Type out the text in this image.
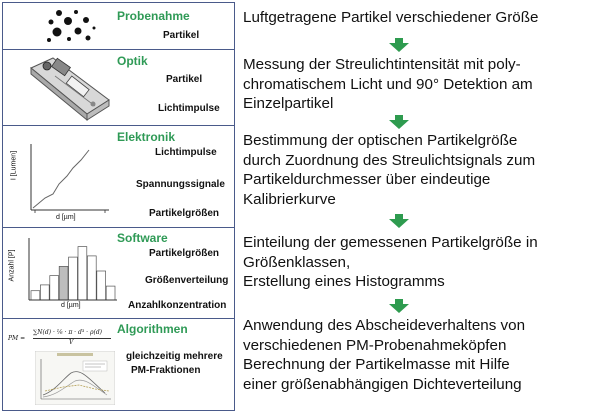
Probenahme
Partikel
Optik
Partikel
Lichtimpulse
I [Lumen]
d [µm]
Elektronik
Lichtimpulse
Spannungssignale
Partikelgrößen
Anzahl [P]
d [µm]
Software
Partikelgrößen
Größenverteilung
Anzahlkonzentration
PM =
∑N(d) · ⅙ · π · d³ · ρ(d)
V
Algorithmen
gleichzeitig mehrere
PM-Fraktionen
Luftgetragene Partikel verschiedener Größe
Messung der Streulichtintensität mit poly-
chromatischem Licht und 90° Detektion am
Einzelpartikel
Bestimmung der optischen Partikelgröße
durch Zuordnung des Streulichtsignals zum
Partikeldurchmesser über eindeutige
Kalibrierkurve
Einteilung der gemessenen Partikelgröße in
Größenklassen,
Erstellung eines Histogramms
Anwendung des Abscheideverhaltens von
verschiedenen PM-Probenahmeköpfen
Berechnung der Partikelmasse mit Hilfe
einer größenabhängigen Dichteverteilung
